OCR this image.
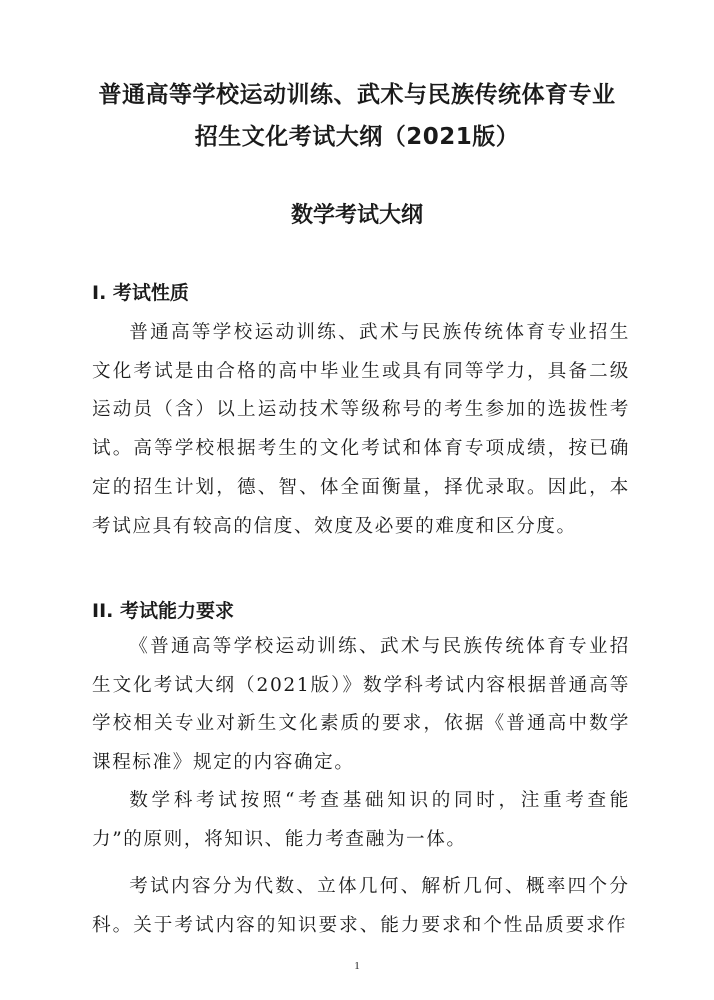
普通高等学校运动训练、武术与民族传统体育专业
招生文化考试大纲（2021版）
数学考试大纲
I. 考试性质

普通高等学校运动训练、武术与民族传统体育专业招生文化考试是由合格的高中毕业生或具有同等学力，具备二级运动员（含）以上运动技术等级称号的考生参加的选拔性考试。高等学校根据考生的文化考试和体育专项成绩，按已确定的招生计划，德、智、体全面衡量，择优录取。因此，本考试应具有较高的信度、效度及必要的难度和区分度。

II. 考试能力要求

《普通高等学校运动训练、武术与民族传统体育专业招生文化考试大纲（2021版）》数学科考试内容根据普通高等学校相关专业对新生文化素质的要求，依据《普通高中数学课程标准》规定的内容确定。

数学科考试按照“考查基础知识的同时，注重考查能力”的原则，将知识、能力考查融为一体。

考试内容分为代数、立体几何、解析几何、概率四个分科。关于考试内容的知识要求、能力要求和个性品质要求作

1
